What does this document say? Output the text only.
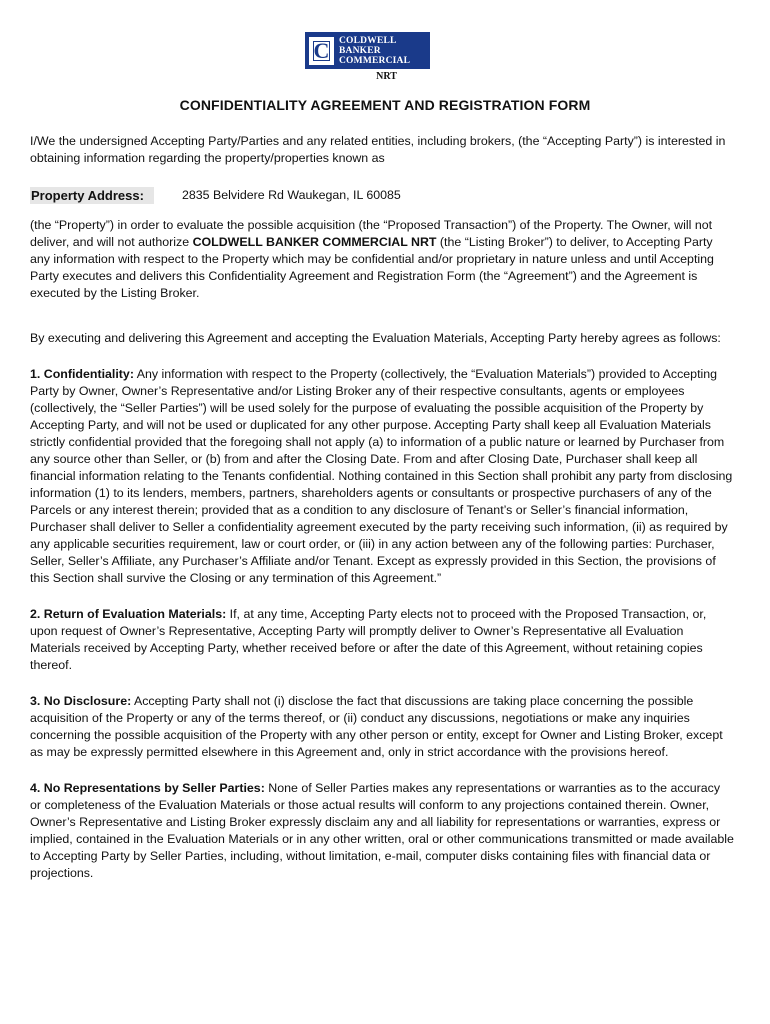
C	COLDWELL
BANKER
COMMERCIAL
NRT
CONFIDENTIALITY AGREEMENT AND REGISTRATION FORM

I/We the undersigned Accepting Party/Parties and any related entities, including brokers, (the “Accepting Party”) is interested in obtaining information regarding the property/properties known as

Property Address:	2835 Belvidere Rd Waukegan, IL 60085

(the “Property”) in order to evaluate the possible acquisition (the “Proposed Transaction”) of the Property. The Owner, will not deliver, and will not authorize COLDWELL BANKER COMMERCIAL NRT (the “Listing Broker”) to deliver, to Accepting Party any information with respect to the Property which may be confidential and/or proprietary in nature unless and until Accepting Party executes and delivers this Confidentiality Agreement and Registration Form (the “Agreement”) and the Agreement is executed by the Listing Broker.

By executing and delivering this Agreement and accepting the Evaluation Materials, Accepting Party hereby agrees as follows:

1. Confidentiality: Any information with respect to the Property (collectively, the “Evaluation Materials”) provided to Accepting Party by Owner, Owner’s Representative and/or Listing Broker any of their respective consultants, agents or employees (collectively, the “Seller Parties”) will be used solely for the purpose of evaluating the possible acquisition of the Property by Accepting Party, and will not be used or duplicated for any other purpose. Accepting Party shall keep all Evaluation Materials strictly confidential provided that the foregoing shall not apply (a) to information of a public nature or learned by Purchaser from any source other than Seller, or (b) from and after the Closing Date. From and after Closing Date, Purchaser shall keep all financial information relating to the Tenants confidential. Nothing contained in this Section shall prohibit any party from disclosing information (1) to its lenders, members, partners, shareholders agents or consultants or prospective purchasers of any of the Parcels or any interest therein; provided that as a condition to any disclosure of Tenant’s or Seller’s financial information, Purchaser shall deliver to Seller a confidentiality agreement executed by the party receiving such information, (ii) as required by any applicable securities requirement, law or court order, or (iii) in any action between any of the following parties: Purchaser, Seller, Seller’s Affiliate, any Purchaser’s Affiliate and/or Tenant. Except as expressly provided in this Section, the provisions of this Section shall survive the Closing or any termination of this Agreement.”

2. Return of Evaluation Materials: If, at any time, Accepting Party elects not to proceed with the Proposed Transaction, or, upon request of Owner’s Representative, Accepting Party will promptly deliver to Owner’s Representative all Evaluation Materials received by Accepting Party, whether received before or after the date of this Agreement, without retaining copies thereof.

3. No Disclosure: Accepting Party shall not (i) disclose the fact that discussions are taking place concerning the possible acquisition of the Property or any of the terms thereof, or (ii) conduct any discussions, negotiations or make any inquiries concerning the possible acquisition of the Property with any other person or entity, except for Owner and Listing Broker, except as may be expressly permitted elsewhere in this Agreement and, only in strict accordance with the provisions hereof.

4. No Representations by Seller Parties: None of Seller Parties makes any representations or warranties as to the accuracy or completeness of the Evaluation Materials or those actual results will conform to any projections contained therein. Owner, Owner’s Representative and Listing Broker expressly disclaim any and all liability for representations or warranties, express or implied, contained in the Evaluation Materials or in any other written, oral or other communications transmitted or made available to Accepting Party by Seller Parties, including, without limitation, e-mail, computer disks containing files with financial data or projections.
